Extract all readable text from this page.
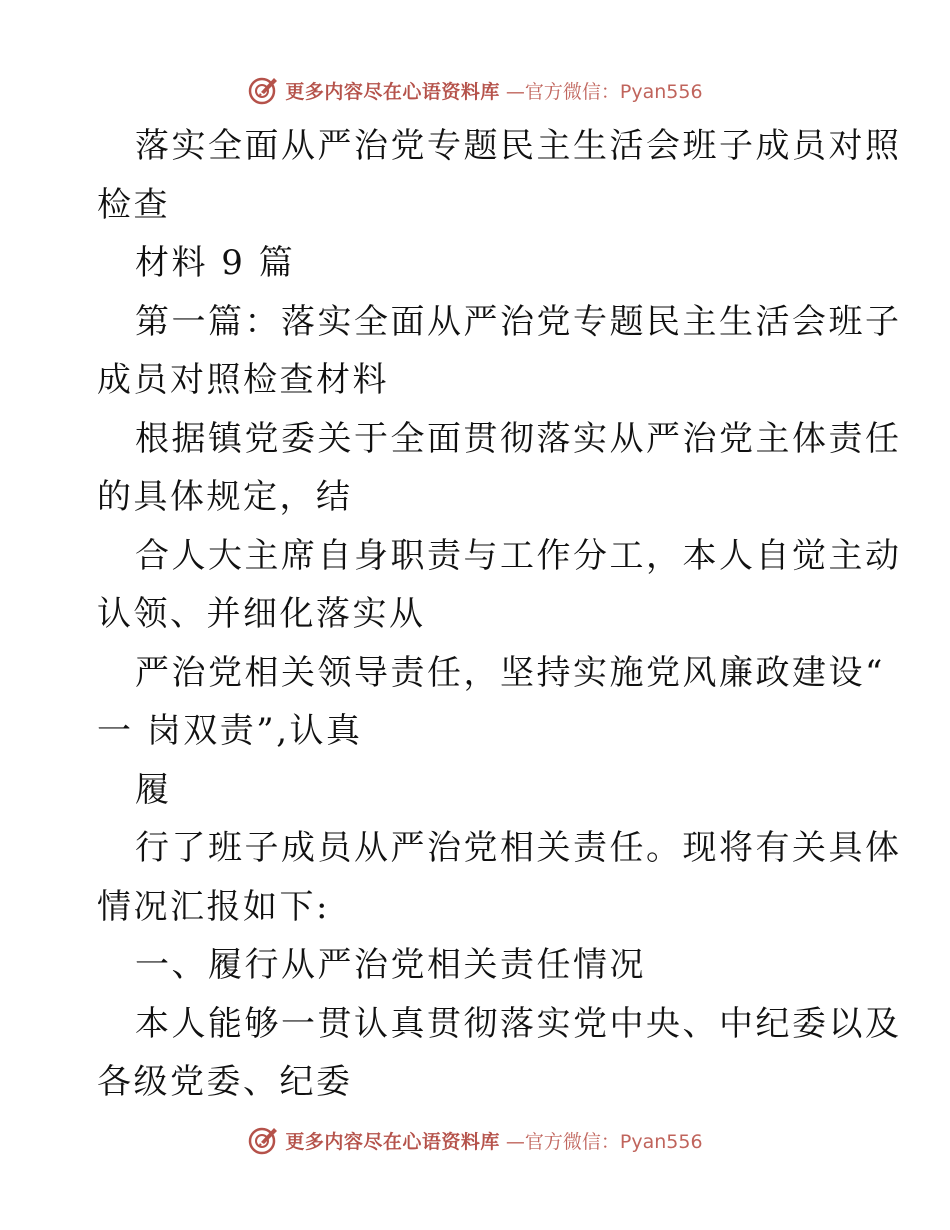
更多内容尽在心语资料库 —官方微信：Pyan556
落实全面从严治党专题民主生活会班子成员对照
检查
材料 9 篇
第一篇：落实全面从严治党专题民主生活会班子
成员对照检查材料
根据镇党委关于全面贯彻落实从严治党主体责任
的具体规定，结
合人大主席自身职责与工作分工，本人自觉主动
认领、并细化落实从
严治党相关领导责任，坚持实施党风廉政建设“
一 岗双责”,认真
履
行了班子成员从严治党相关责任。现将有关具体
情况汇报如下:
一、履行从严治党相关责任情况
本人能够一贯认真贯彻落实党中央、中纪委以及
各级党委、纪委
更多内容尽在心语资料库 —官方微信：Pyan556
